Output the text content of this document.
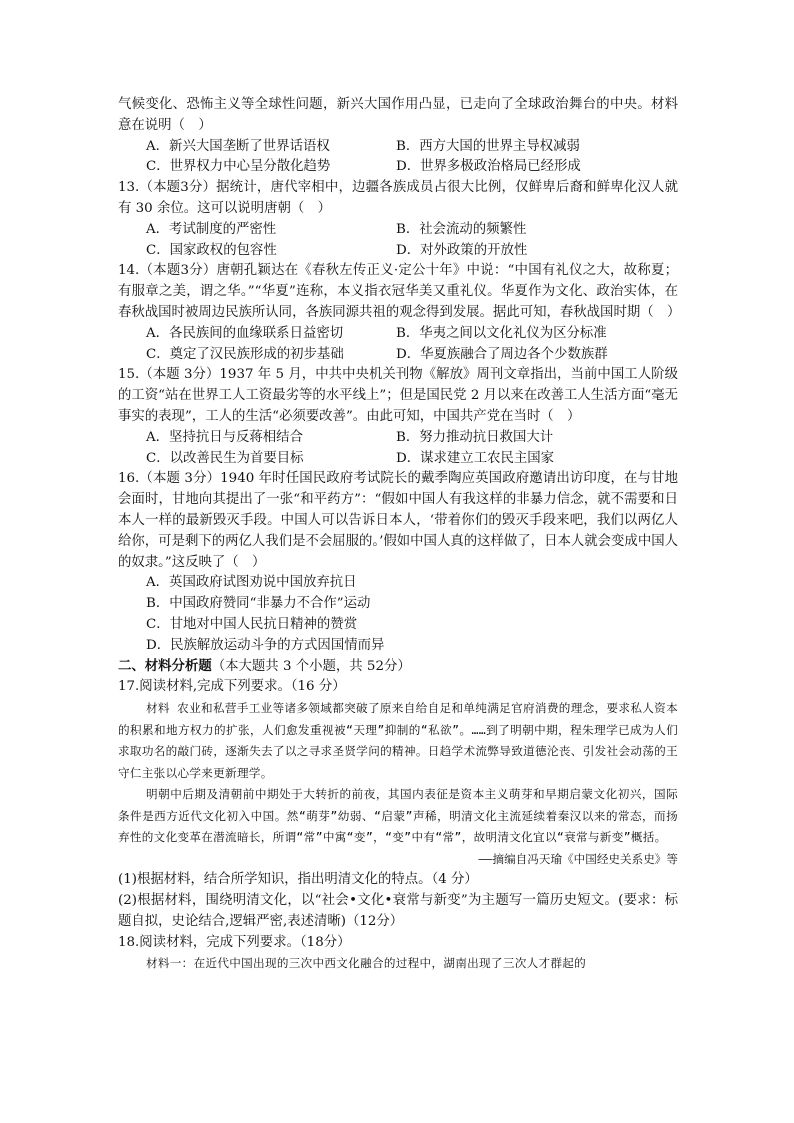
气候变化、恐怖主义等全球性问题，新兴大国作用凸显，已走向了全球政治舞台的中央。材料意在说明（　）

A．新兴大国垄断了世界话语权	B．西方大国的世界主导权减弱
C．世界权力中心呈分散化趋势	D．世界多极政治格局已经形成

13.（本题3分）据统计，唐代宰相中，边疆各族成员占很大比例，仅鲜卑后裔和鲜卑化汉人就有 30 余位。这可以说明唐朝（　）

A．考试制度的严密性	B．社会流动的频繁性
C．国家政权的包容性	D．对外政策的开放性

14.（本题3分）唐朝孔颖达在《春秋左传正义·定公十年》中说：“中国有礼仪之大，故称夏；有服章之美，谓之华。”“华夏”连称，本义指衣冠华美又重礼仪。华夏作为文化、政治实体，在春秋战国时被周边民族所认同，各族同源共祖的观念得到发展。据此可知，春秋战国时期（　）

A．各民族间的血缘联系日益密切	B．华夷之间以文化礼仪为区分标准
C．奠定了汉民族形成的初步基础	D．华夏族融合了周边各个少数族群

15.（本题 3分）1937 年 5 月，中共中央机关刊物《解放》周刊文章指出，当前中国工人阶级的工资“站在世界工人工资最劣等的水平线上”；但是国民党 2 月以来在改善工人生活方面“毫无事实的表现”，工人的生活“必须要改善”。由此可知，中国共产党在当时（　）

A．坚持抗日与反蒋相结合	B．努力推动抗日救国大计
C．以改善民生为首要目标	D．谋求建立工农民主国家

16.（本题 3分）1940 年时任国民政府考试院长的戴季陶应英国政府邀请出访印度，在与甘地会面时，甘地向其提出了一张“和平药方”：“假如中国人有我这样的非暴力信念，就不需要和日本人一样的最新毁灭手段。中国人可以告诉日本人，‘带着你们的毁灭手段来吧，我们以两亿人给你，可是剩下的两亿人我们是不会屈服的。’假如中国人真的这样做了，日本人就会变成中国人的奴隶。”这反映了（　）

A．英国政府试图劝说中国放弃抗日
B．中国政府赞同“非暴力不合作”运动
C．甘地对中国人民抗日精神的赞赏
D．民族解放运动斗争的方式因国情而异

二、材料分析题（本大题共 3 个小题，共 52分）

17.阅读材料,完成下列要求。（16 分）

材料 农业和私营手工业等诸多领域都突破了原来自给自足和单纯满足官府消费的理念，要求私人资本的积累和地方权力的扩张，人们愈发重视被“天理”抑制的“私欲”。……到了明朝中期，程朱理学已成为人们求取功名的敲门砖，逐渐失去了以之寻求圣贤学问的精神。日趋学术流弊导致道德沦丧、引发社会动荡的王守仁主张以心学来更新理学。

明朝中后期及清朝前中期处于大转折的前夜，其国内表征是资本主义萌芽和早期启蒙文化初兴，国际条件是西方近代文化初入中国。然“萌芽”幼弱、“启蒙”声稀，明清文化主流延续着秦汉以来的常态，而扬弃性的文化变革在潜流暗长，所谓“常”中寓“变”，“变”中有“常”，故明清文化宜以“衰常与新变”概括。

——摘编自冯天瑜《中国经史关系史》等

(1)根据材料，结合所学知识，指出明清文化的特点。（4 分）

(2)根据材料，围绕明清文化，以“社会•文化•衰常与新变”为主题写一篇历史短文。(要求：标题自拟，史论结合,逻辑严密,表述清晰)（12分）

18.阅读材料，完成下列要求。（18分）

材料一：在近代中国出现的三次中西文化融合的过程中，湖南出现了三次人才群起的
